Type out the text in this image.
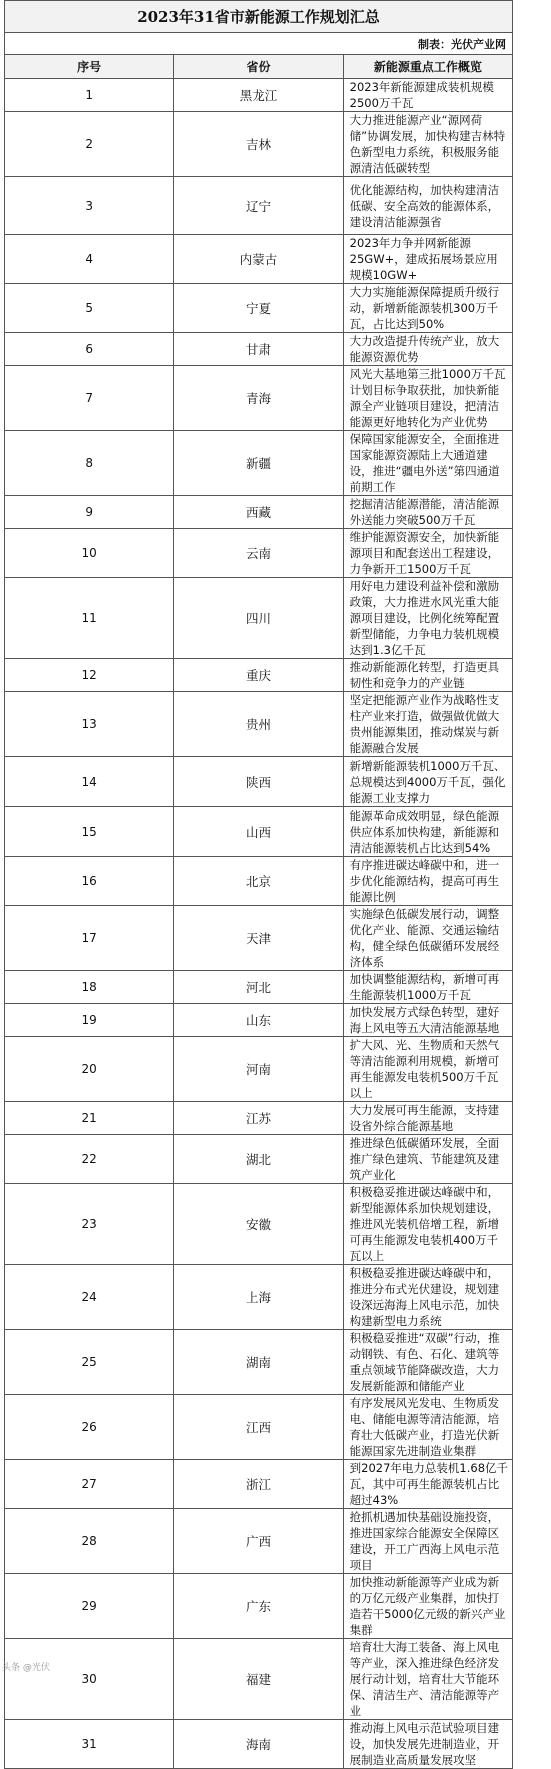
2023年31省市新能源工作规划汇总		
制表：光伏产业网		
序号	省份	新能源重点工作概览
1	黑龙江	2023年新能源建成装机规模2500万千瓦
2	吉林	大力推进能源产业“源网荷储”协调发展，加快构建吉林特色新型电力系统，积极服务能源清洁低碳转型
3	辽宁	优化能源结构，加快构建清洁低碳、安全高效的能源体系，建设清洁能源强省
4	内蒙古	2023年力争并网新能源25GW+，建成拓展场景应用规模10GW+
5	宁夏	大力实施能源保障提质升级行动，新增新能源装机300万千瓦，占比达到50%
6	甘肃	大力改造提升传统产业，放大能源资源优势
7	青海	风光大基地第三批1000万千瓦计划目标争取获批，加快新能源全产业链项目建设，把清洁能源更好地转化为产业优势
8	新疆	保障国家能源安全，全面推进国家能源资源陆上大通道建设，推进“疆电外送”第四通道前期工作
9	西藏	挖掘清洁能源潜能，清洁能源外送能力突破500万千瓦
10	云南	维护能源资源安全，加快新能源项目和配套送出工程建设，力争新开工1500万千瓦
11	四川	用好电力建设利益补偿和激励政策，大力推进水风光重大能源项目建设，比例化统筹配置新型储能，力争电力装机规模达到1.3亿千瓦
12	重庆	推动新能源化转型，打造更具韧性和竞争力的产业链
13	贵州	坚定把能源产业作为战略性支柱产业来打造，做强做优做大贵州能源集团，推动煤炭与新能源融合发展
14	陕西	新增新能源装机1000万千瓦、总规模达到4000万千瓦，强化能源工业支撑力
15	山西	能源革命成效明显，绿色能源供应体系加快构建，新能源和清洁能源装机占比达到54%
16	北京	有序推进碳达峰碳中和，进一步优化能源结构，提高可再生能源比例
17	天津	实施绿色低碳发展行动，调整优化产业、能源、交通运输结构，健全绿色低碳循环发展经济体系
18	河北	加快调整能源结构，新增可再生能源装机1000万千瓦
19	山东	加快发展方式绿色转型，建好海上风电等五大清洁能源基地
20	河南	扩大风、光、生物质和天然气等清洁能源利用规模，新增可再生能源发电装机500万千瓦以上
21	江苏	大力发展可再生能源，支持建设省外综合能源基地
22	湖北	推进绿色低碳循环发展，全面推广绿色建筑、节能建筑及建筑产业化
23	安徽	积极稳妥推进碳达峰碳中和，新型能源体系加快规划建设，推进风光装机倍增工程，新增可再生能源发电装机400万千瓦以上
24	上海	积极稳妥推进碳达峰碳中和，推进分布式光伏建设，规划建设深远海海上风电示范，加快构建新型电力系统
25	湖南	积极稳妥推进“双碳”行动，推动钢铁、有色、石化、建筑等重点领域节能降碳改造，大力发展新能源和储能产业
26	江西	有序发展风光发电、生物质发电、储能电源等清洁能源，培育壮大低碳产业，打造光伏新能源国家先进制造业集群
27	浙江	到2027年电力总装机1.68亿千瓦，其中可再生能源装机占比超过43%
28	广西	抢抓机遇加快基础设施投资，推进国家综合能源安全保障区建设，开工广西海上风电示范项目
29	广东	加快推动新能源等产业成为新的万亿元级产业集群，加快打造若干5000亿元级的新兴产业集群
30	福建	培育壮大海工装备、海上风电等产业，深入推进绿色经济发展行动计划，培育壮大节能环保、清洁生产、清洁能源等产业
31	海南	推动海上风电示范试验项目建设，加快发展先进制造业，开展制造业高质量发展攻坚
头条 @光伏
